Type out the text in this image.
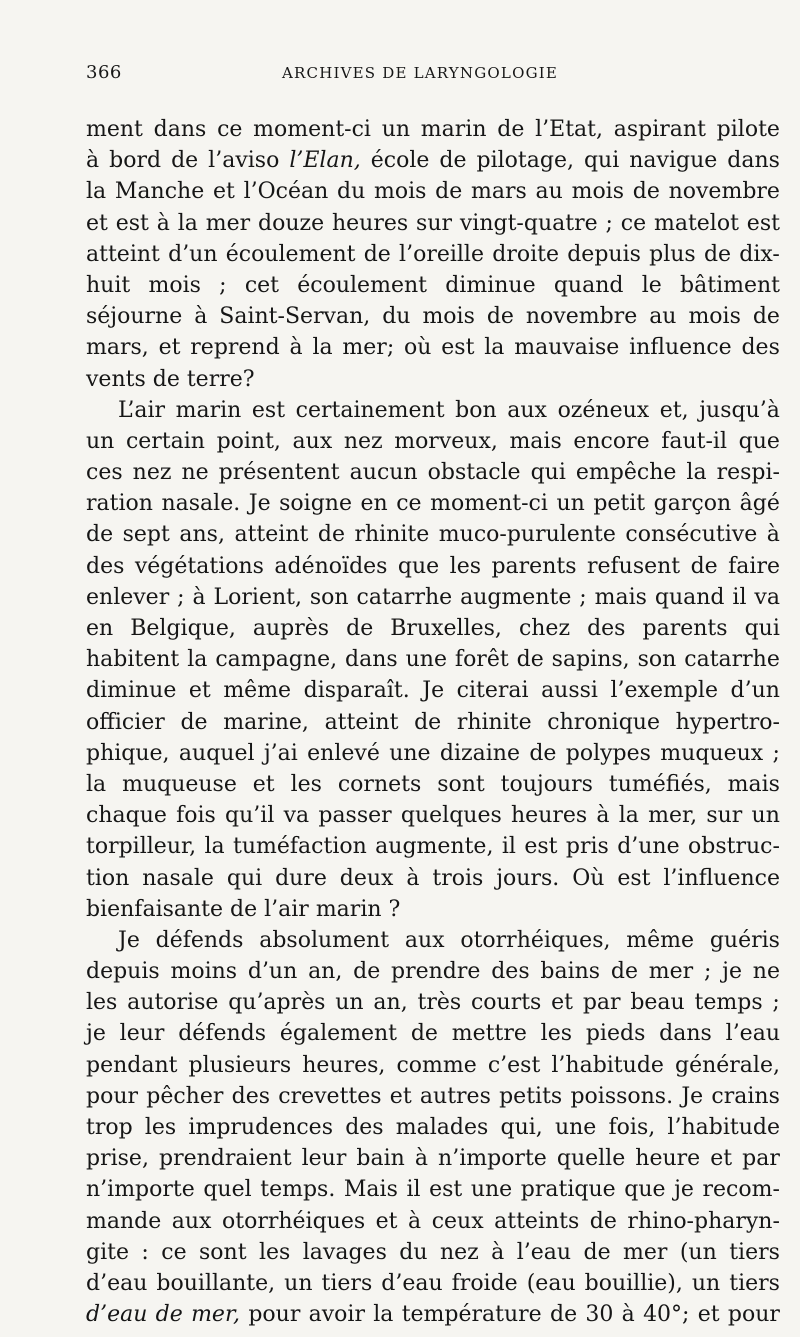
366	ARCHIVES DE LARYNGOLOGIE
ment dans ce moment-ci un marin de l’Etat, aspirant pilote
à bord de l’aviso l’Elan, école de pilotage, qui navigue dans
la Manche et l’Océan du mois de mars au mois de novembre
et est à la mer douze heures sur vingt-quatre ; ce matelot est
atteint d’un écoulement de l’oreille droite depuis plus de dix-
huit mois ; cet écoulement diminue quand le bâtiment
séjourne à Saint-Servan, du mois de novembre au mois de
mars, et reprend à la mer; où est la mauvaise influence des
vents de terre?
L’air marin est certainement bon aux ozéneux et, jusqu’à
un certain point, aux nez morveux, mais encore faut-il que
ces nez ne présentent aucun obstacle qui empêche la respi-
ration nasale. Je soigne en ce moment-ci un petit garçon âgé
de sept ans, atteint de rhinite muco-purulente consécutive à
des végétations adénoïdes que les parents refusent de faire
enlever ; à Lorient, son catarrhe augmente ; mais quand il va
en Belgique, auprès de Bruxelles, chez des parents qui
habitent la campagne, dans une forêt de sapins, son catarrhe
diminue et même disparaît. Je citerai aussi l’exemple d’un
officier de marine, atteint de rhinite chronique hypertro-
phique, auquel j’ai enlevé une dizaine de polypes muqueux ;
la muqueuse et les cornets sont toujours tuméfiés, mais
chaque fois qu’il va passer quelques heures à la mer, sur un
torpilleur, la tuméfaction augmente, il est pris d’une obstruc-
tion nasale qui dure deux à trois jours. Où est l’influence
bienfaisante de l’air marin ?
Je défends absolument aux otorrhéiques, même guéris
depuis moins d’un an, de prendre des bains de mer ; je ne
les autorise qu’après un an, très courts et par beau temps ;
je leur défends également de mettre les pieds dans l’eau
pendant plusieurs heures, comme c’est l’habitude générale,
pour pêcher des crevettes et autres petits poissons. Je crains
trop les imprudences des malades qui, une fois, l’habitude
prise, prendraient leur bain à n’importe quelle heure et par
n’importe quel temps. Mais il est une pratique que je recom-
mande aux otorrhéiques et à ceux atteints de rhino-pharyn-
gite : ce sont les lavages du nez à l’eau de mer (un tiers
d’eau bouillante, un tiers d’eau froide (eau bouillie), un tiers
d’eau de mer, pour avoir la température de 30 à 40°; et pour
